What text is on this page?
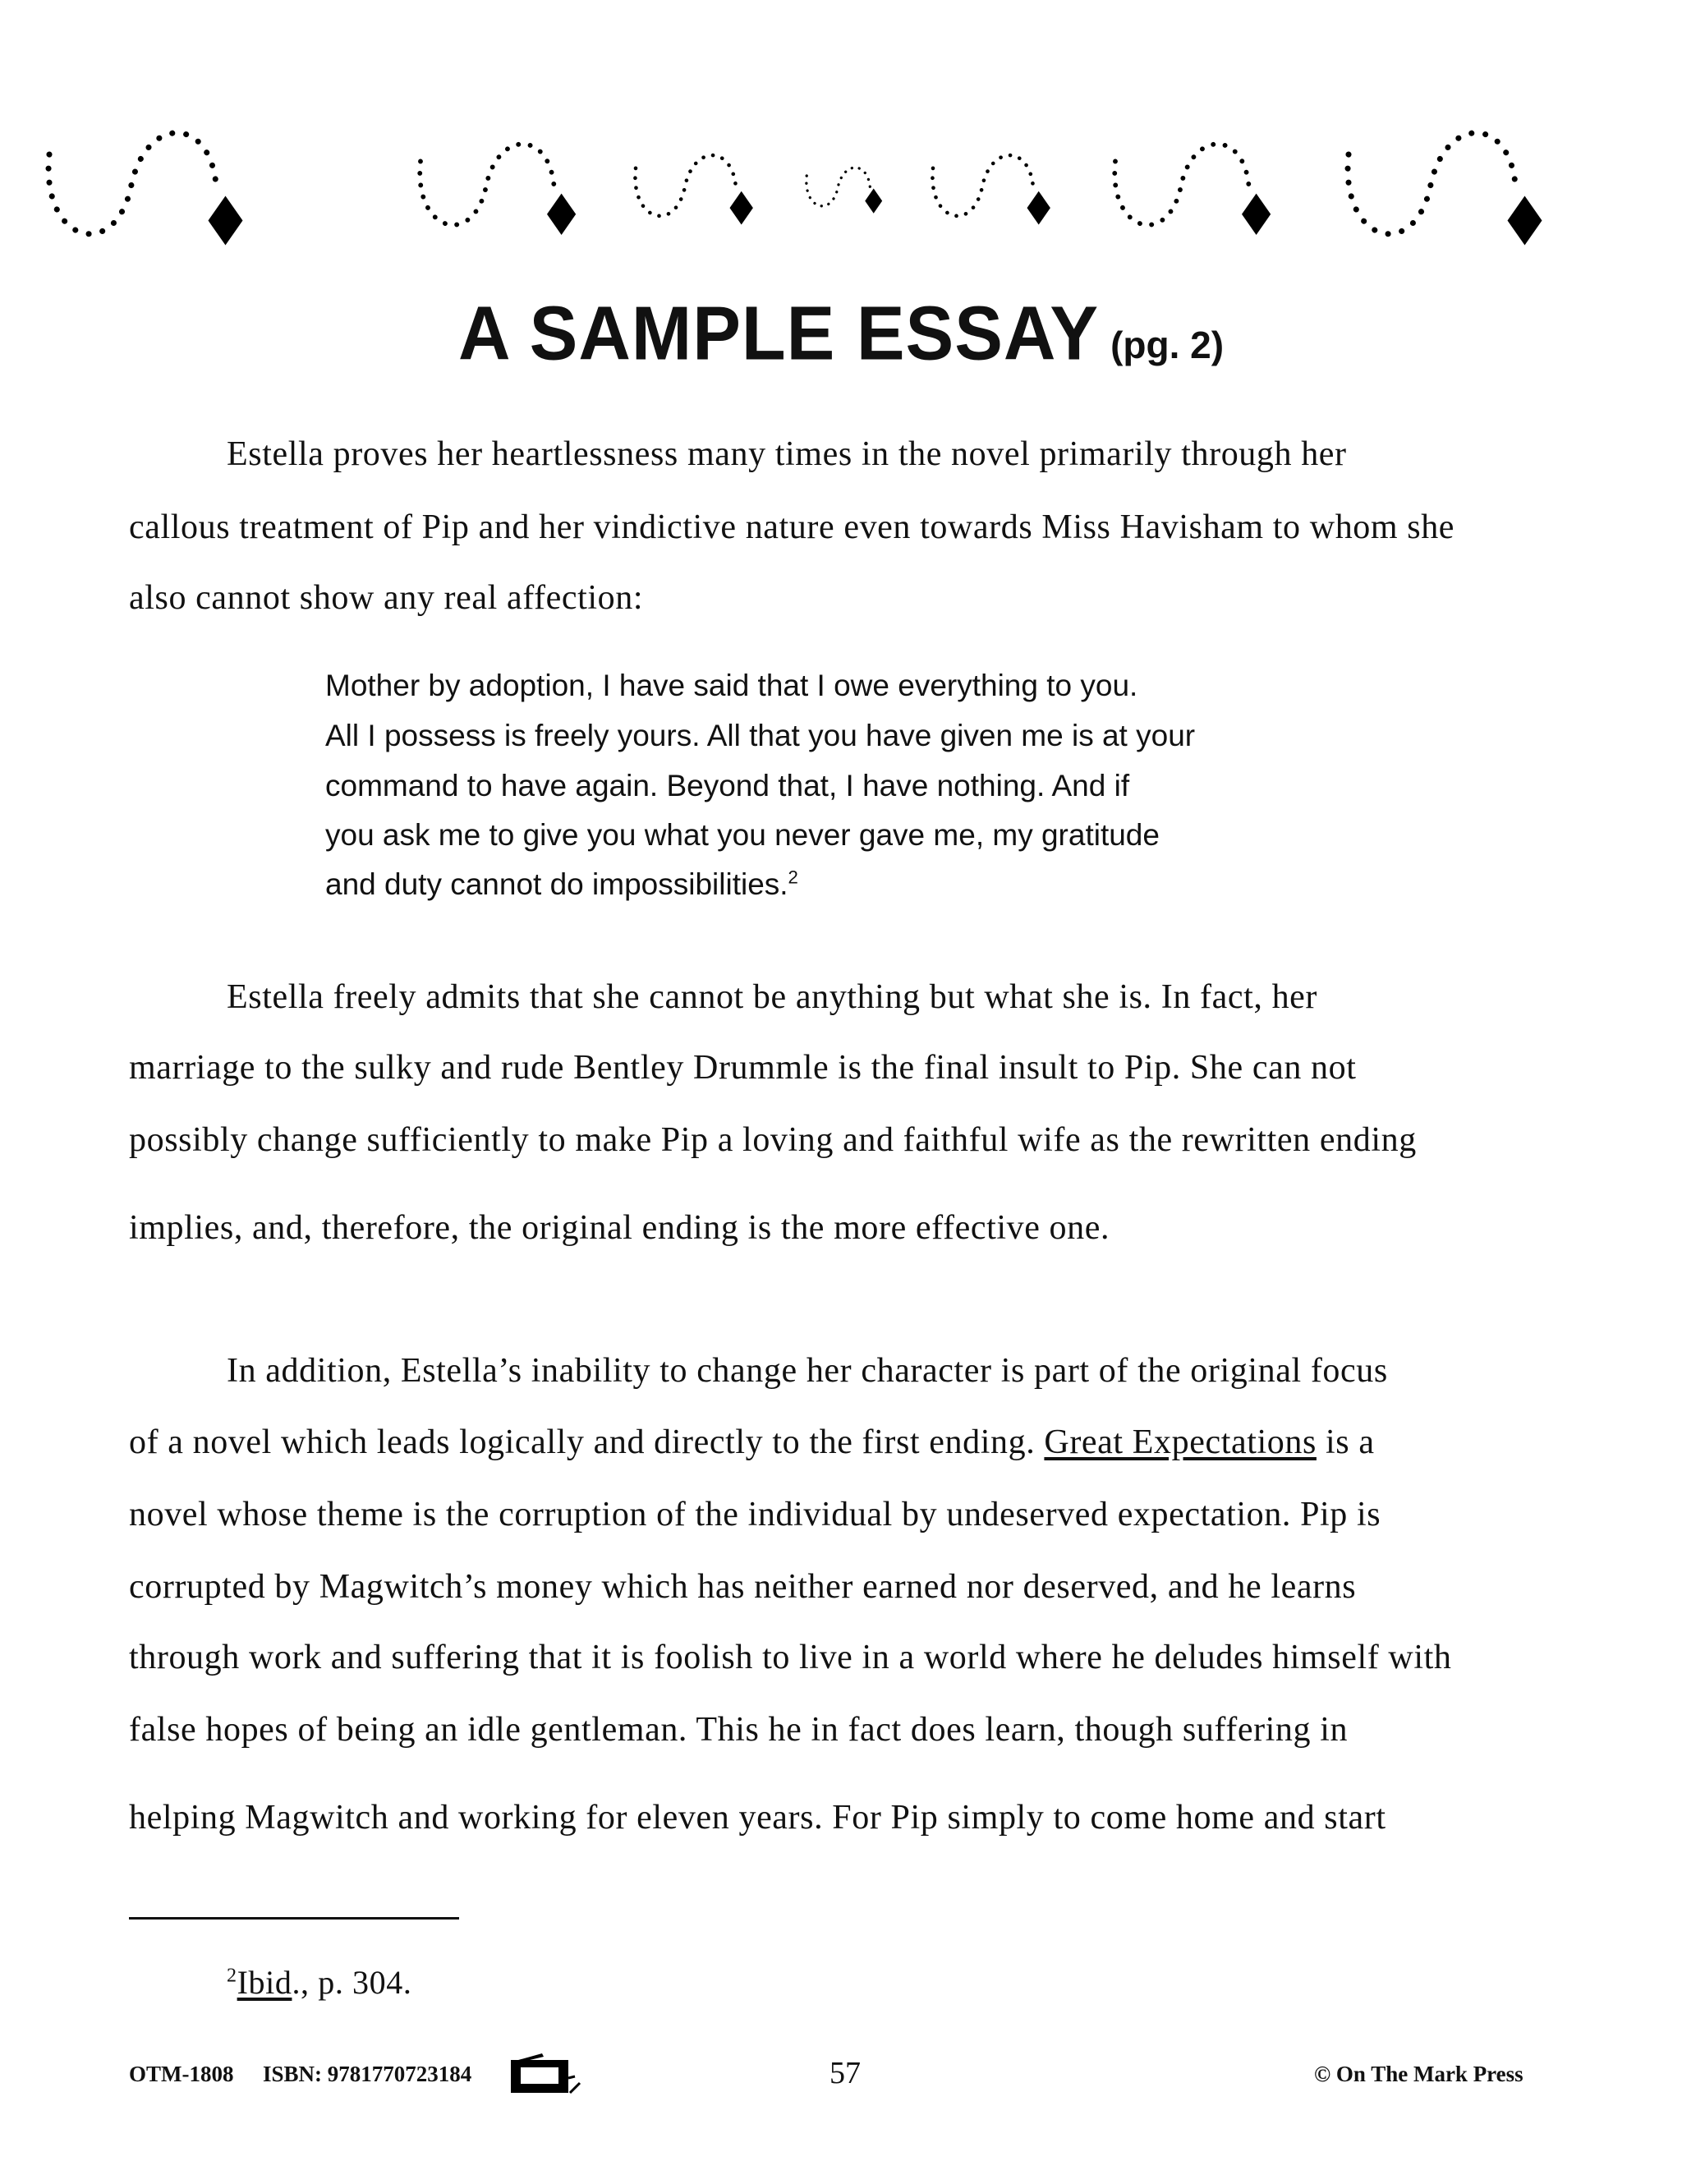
A SAMPLE ESSAY (pg. 2)
Estella proves her heartlessness many times in the novel primarily through her
callous treatment of Pip and her vindictive nature even towards Miss Havisham to whom she
also cannot show any real affection:
Mother by adoption, I have said that I owe everything to you.
All I possess is freely yours. All that you have given me is at your
command to have again. Beyond that, I have nothing. And if
you ask me to give you what you never gave me, my gratitude
and duty cannot do impossibilities.$^2$
Estella freely admits that she cannot be anything but what she is. In fact, her
marriage to the sulky and rude Bentley Drummle is the final insult to Pip. She can not
possibly change sufficiently to make Pip a loving and faithful wife as the rewritten ending
implies, and, therefore, the original ending is the more effective one.
In addition, Estella’s inability to change her character is part of the original focus
of a novel which leads logically and directly to the first ending. Great Expectations is a
novel whose theme is the corruption of the individual by undeserved expectation. Pip is
corrupted by Magwitch’s money which has neither earned nor deserved, and he learns
through work and suffering that it is foolish to live in a world where he deludes himself with
false hopes of being an idle gentleman. This he in fact does learn, though suffering in
helping Magwitch and working for eleven years. For Pip simply to come home and start
$^2$Ibid., p. 304.
OTM-1808 ISBN: 9781770723184	57	© On The Mark Press
